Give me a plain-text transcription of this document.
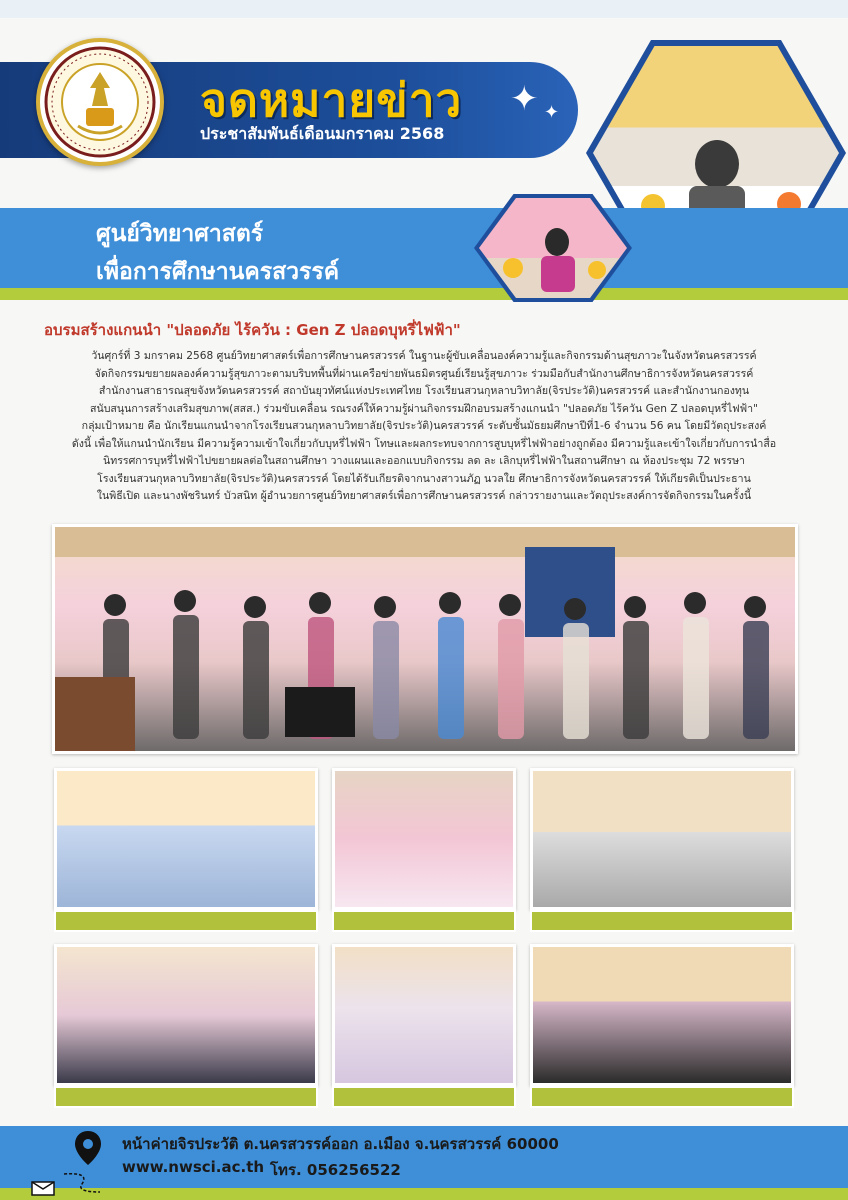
จดหมายข่าว
ประชาสัมพันธ์เดือนมกราคม 2568
✦ ✦
ศูนย์วิทยาศาสตร์
เพื่อการศึกษานครสวรรค์
อบรมสร้างแกนนำ "ปลอดภัย ไร้ควัน : Gen Z ปลอดบุหรี่ไฟฟ้า"

วันศุกร์ที่ 3 มกราคม 2568 ศูนย์วิทยาศาสตร์เพื่อการศึกษานครสวรรค์ ในฐานะผู้ขับเคลื่อนองค์ความรู้และกิจกรรมด้านสุขภาวะในจังหวัดนครสวรรค์

จัดกิจกรรมขยายผลองค์ความรู้สุขภาวะตามบริบทพื้นที่ผ่านเครือข่ายพันธมิตรศูนย์เรียนรู้สุขภาวะ ร่วมมือกับสำนักงานศึกษาธิการจังหวัดนครสวรรค์

สำนักงานสาธารณสุขจังหวัดนครสวรรค์ สถาบันยุวทัศน์แห่งประเทศไทย โรงเรียนสวนกุหลาบวิทาลัย(จิรประวัติ)นครสวรรค์ และสำนักงานกองทุน

สนับสนุนการสร้างเสริมสุขภาพ(สสส.) ร่วมขับเคลื่อน รณรงค์ให้ความรู้ผ่านกิจกรรมฝึกอบรมสร้างแกนนำ "ปลอดภัย ไร้ควัน Gen Z ปลอดบุหรี่ไฟฟ้า"

กลุ่มเป้าหมาย คือ นักเรียนแกนนำจากโรงเรียนสวนกุหลาบวิทยาลัย(จิรประวัติ)นครสวรรค์ ระดับชั้นมัธยมศึกษาปีที่1-6 จำนวน 56 คน โดยมีวัตถุประสงค์

ดังนี้ เพื่อให้แกนนำนักเรียน มีความรู้ความเข้าใจเกี่ยวกับบุหรี่ไฟฟ้า โทษและผลกระทบจากการสูบบุหรี่ไฟฟ้าอย่างถูกต้อง มีความรู้และเข้าใจเกี่ยวกับการนำสื่อ

นิทรรศการบุหรี่ไฟฟ้าไปขยายผลต่อในสถานศึกษา วางแผนและออกแบบกิจกรรม ลด ละ เลิกบุหรี่ไฟฟ้าในสถานศึกษา ณ ห้องประชุม 72 พรรษา

โรงเรียนสวนกุหลาบวิทยาลัย(จิรประวัติ)นครสวรรค์ โดยได้รับเกียรติจากนางสาวนภัฏ นวลใย ศึกษาธิการจังหวัดนครสวรรค์ ให้เกียรติเป็นประธาน

ในพิธีเปิด และนางพัชรินทร์ บัวสนิท ผู้อำนวยการศูนย์วิทยาศาสตร์เพื่อการศึกษานครสวรรค์ กล่าวรายงานและวัตถุประสงค์การจัดกิจกรรมในครั้งนี้

หน้าค่ายจิรประวัติ ต.นครสวรรค์ออก อ.เมือง จ.นครสวรรค์ 60000
www.nwsci.ac.th โทร. 056256522
